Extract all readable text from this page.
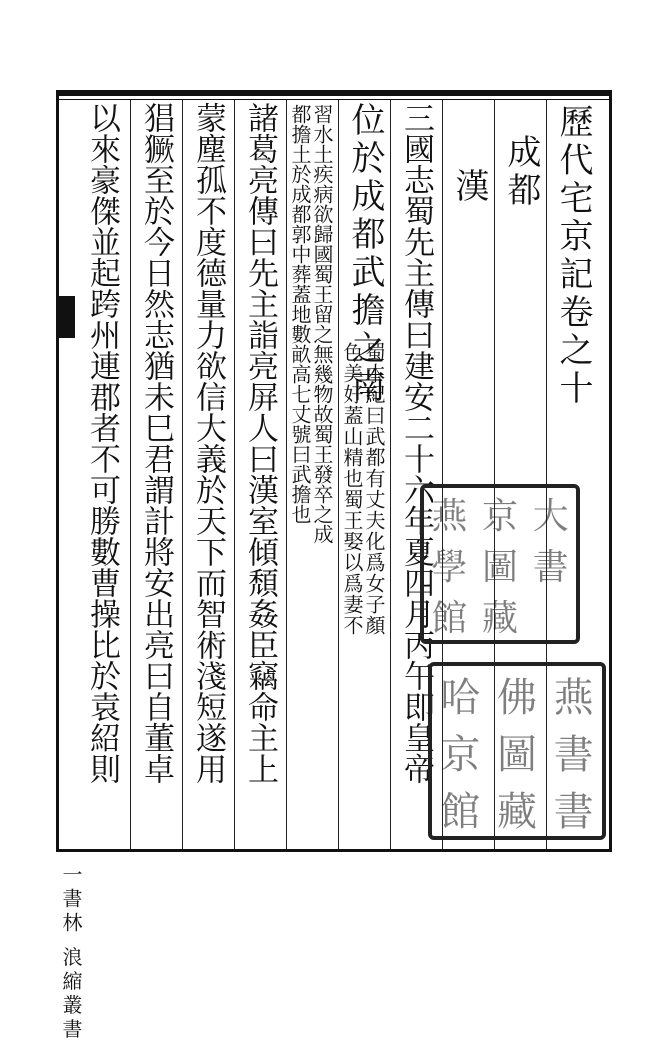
歷代宅京記卷之十
成都
漢
三國志蜀先主傳曰建安二十六年夏四月丙午即皇帝
位於成都武擔之南
蜀本紀曰武都有丈夫化爲女子顏
色美好蓋山精也蜀王娶以爲妻不
習水土疾病欲歸國蜀王留之無幾物故蜀王發卒之成
都擔土於成都郭中葬蓋地數畝高七丈號曰武擔也
諸葛亮傳曰先主詣亮屏人曰漢室傾頹姦臣竊命主上
蒙塵孤不度德量力欲信大義於天下而智術淺短遂用
猖獗至於今日然志猶未巳君謂計將安出亮曰自董卓
以來豪傑並起跨州連郡者不可勝數曹操比於袁紹則
一書林 浪縮叢書
燕 京 大
學 圖 書
館 藏
哈 佛 燕
京 圖 書
館 藏 書
